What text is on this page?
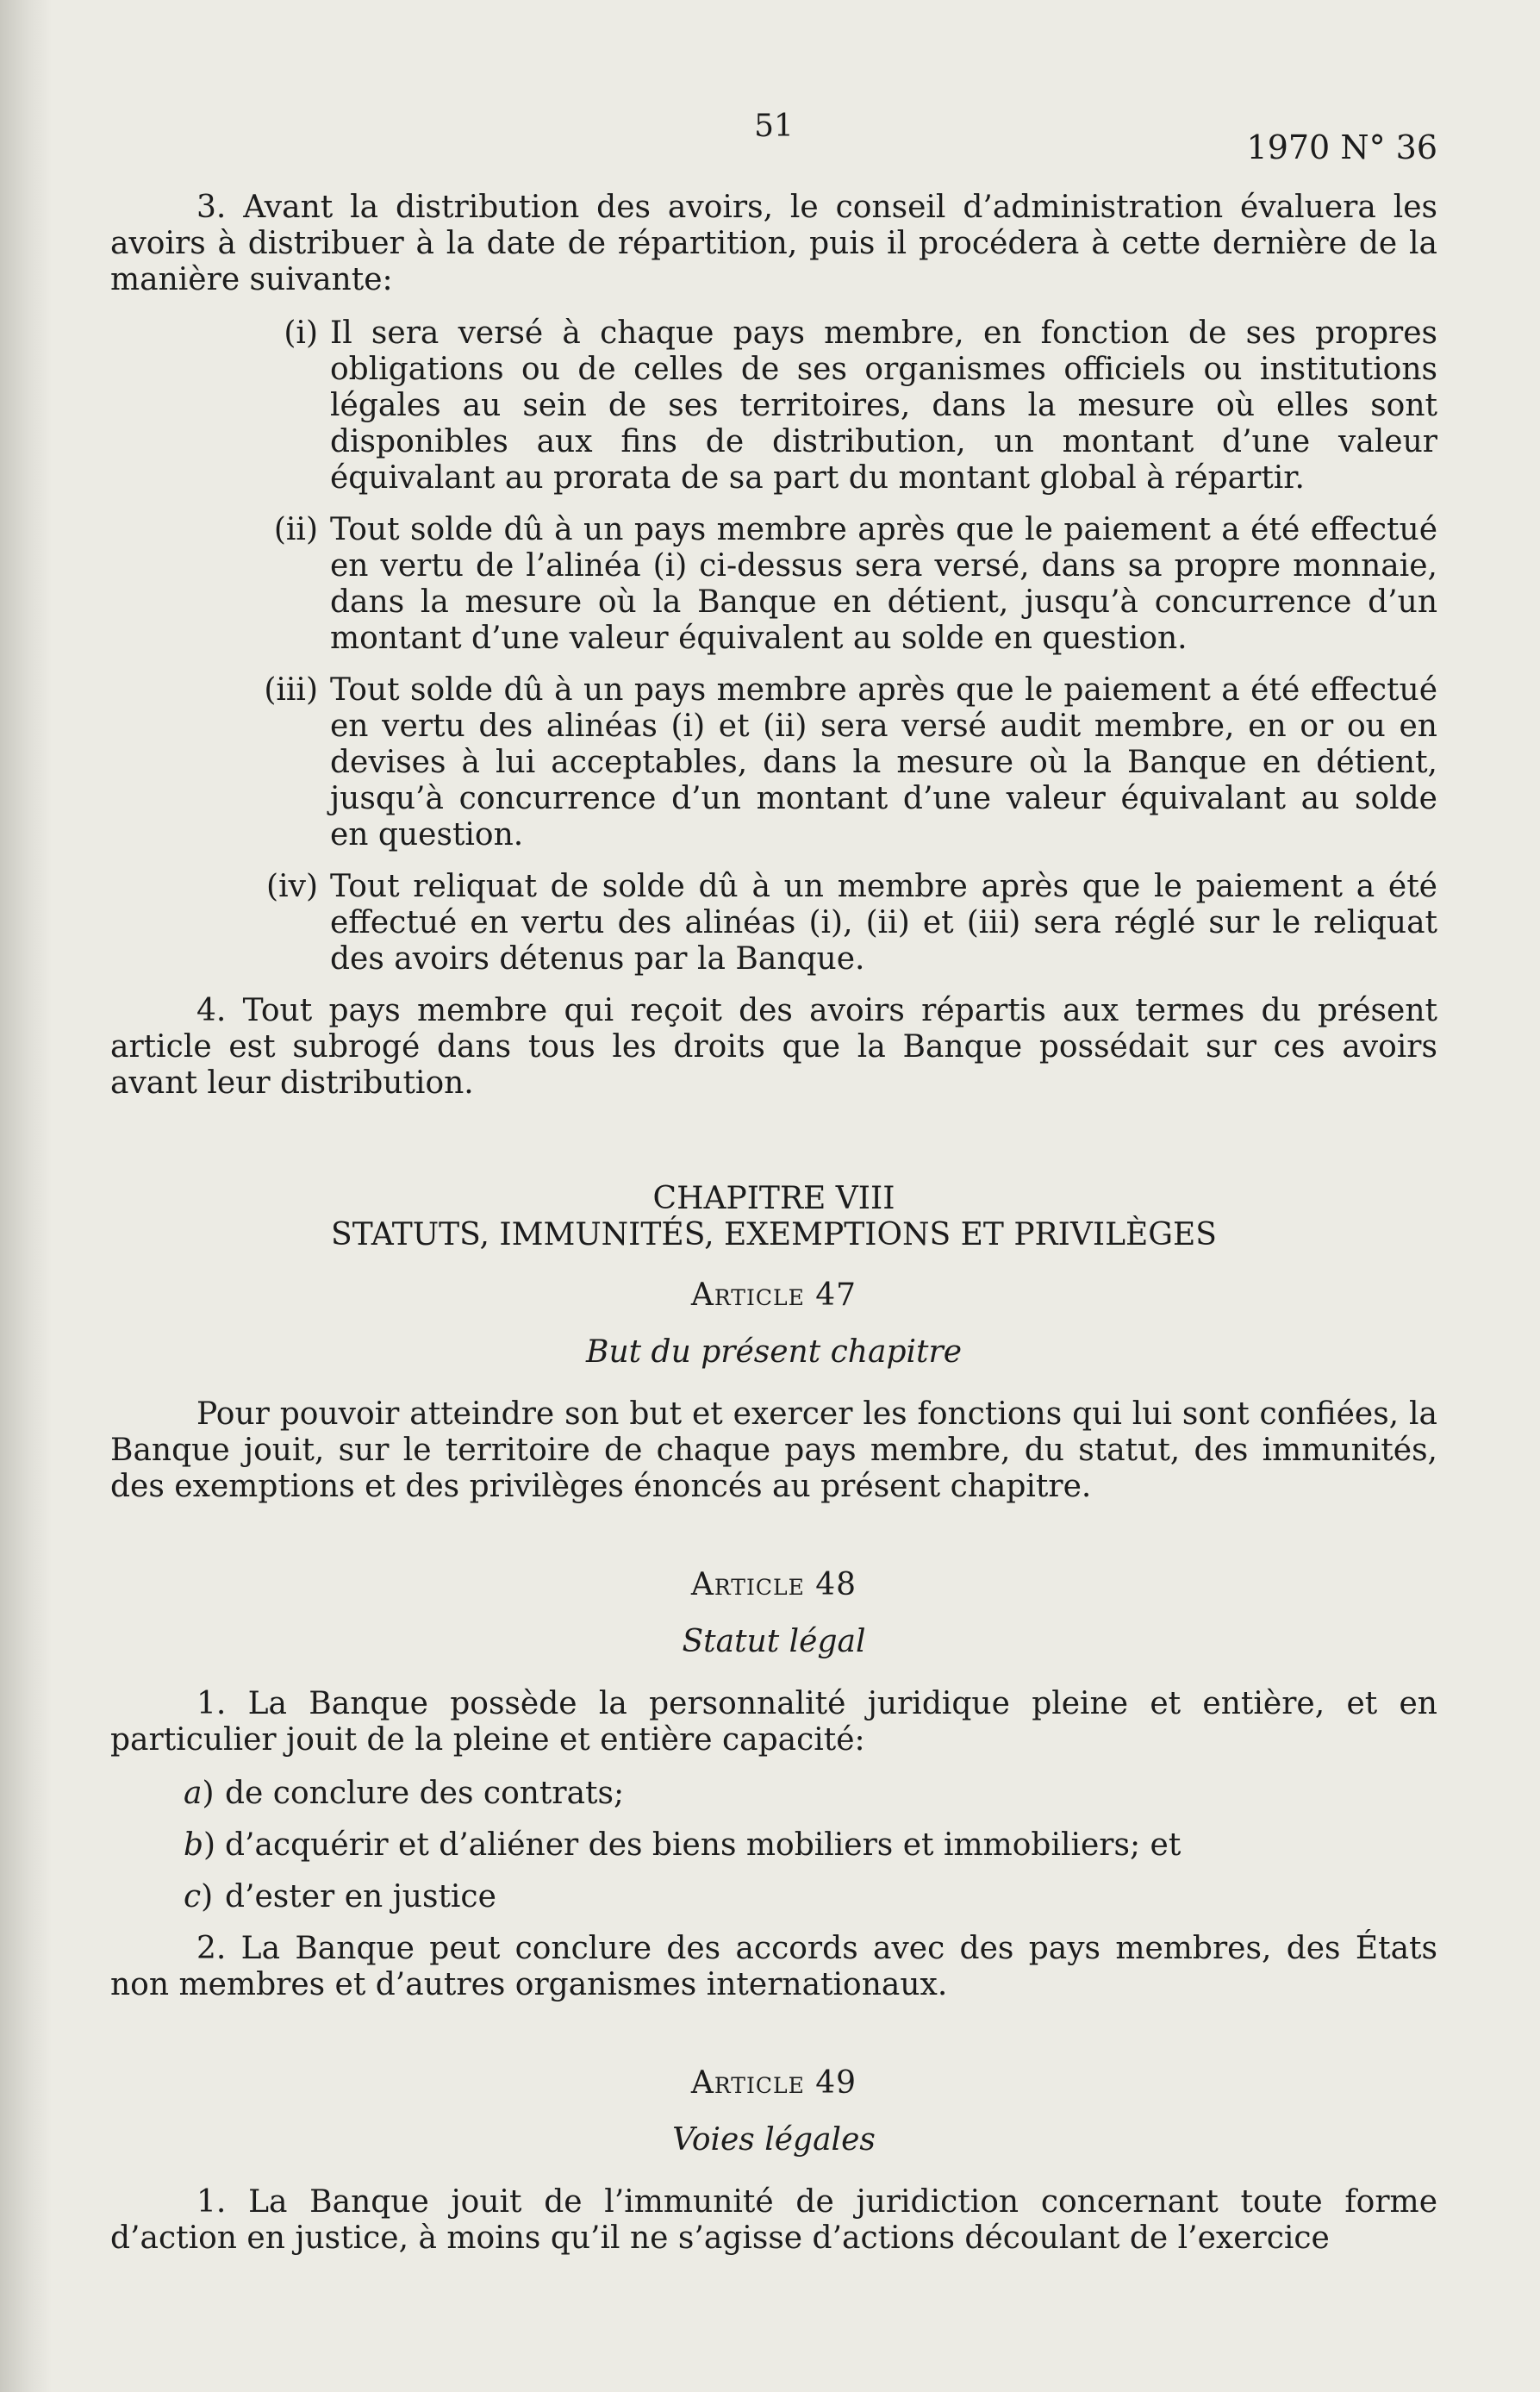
51
1970 N° 36

3. Avant la distribution des avoirs, le conseil d’administration évaluera les avoirs à distribuer à la date de répartition, puis il procédera à cette dernière de la manière suivante:

(i) Il sera versé à chaque pays membre, en fonction de ses propres obligations ou de celles de ses organismes officiels ou institutions légales au sein de ses territoires, dans la mesure où elles sont disponibles aux fins de distribution, un montant d’une valeur équivalant au prorata de sa part du montant global à répartir.
(ii) Tout solde dû à un pays membre après que le paiement a été effectué en vertu de l’alinéa (i) ci-dessus sera versé, dans sa propre monnaie, dans la mesure où la Banque en détient, jusqu’à concurrence d’un montant d’une valeur équivalent au solde en question.
(iii) Tout solde dû à un pays membre après que le paiement a été effectué en vertu des alinéas (i) et (ii) sera versé audit membre, en or ou en devises à lui acceptables, dans la mesure où la Banque en détient, jusqu’à concurrence d’un montant d’une valeur équivalant au solde en question.
(iv) Tout reliquat de solde dû à un membre après que le paiement a été effectué en vertu des alinéas (i), (ii) et (iii) sera réglé sur le reliquat des avoirs détenus par la Banque.

4. Tout pays membre qui reçoit des avoirs répartis aux termes du présent article est subrogé dans tous les droits que la Banque possédait sur ces avoirs avant leur distribution.

CHAPITRE VIII
STATUTS, IMMUNITÉS, EXEMPTIONS ET PRIVILÈGES
Article 47
But du présent chapitre

Pour pouvoir atteindre son but et exercer les fonctions qui lui sont confiées, la Banque jouit, sur le territoire de chaque pays membre, du statut, des immunités, des exemptions et des privilèges énoncés au présent chapitre.

Article 48
Statut légal

1. La Banque possède la personnalité juridique pleine et entière, et en particulier jouit de la pleine et entière capacité:

a) de conclure des contrats;
b) d’acquérir et d’aliéner des biens mobiliers et immobiliers; et
c) d’ester en justice

2. La Banque peut conclure des accords avec des pays membres, des États non membres et d’autres organismes internationaux.

Article 49
Voies légales

1. La Banque jouit de l’immunité de juridiction concernant toute forme d’action en justice, à moins qu’il ne s’agisse d’actions découlant de l’exercice
